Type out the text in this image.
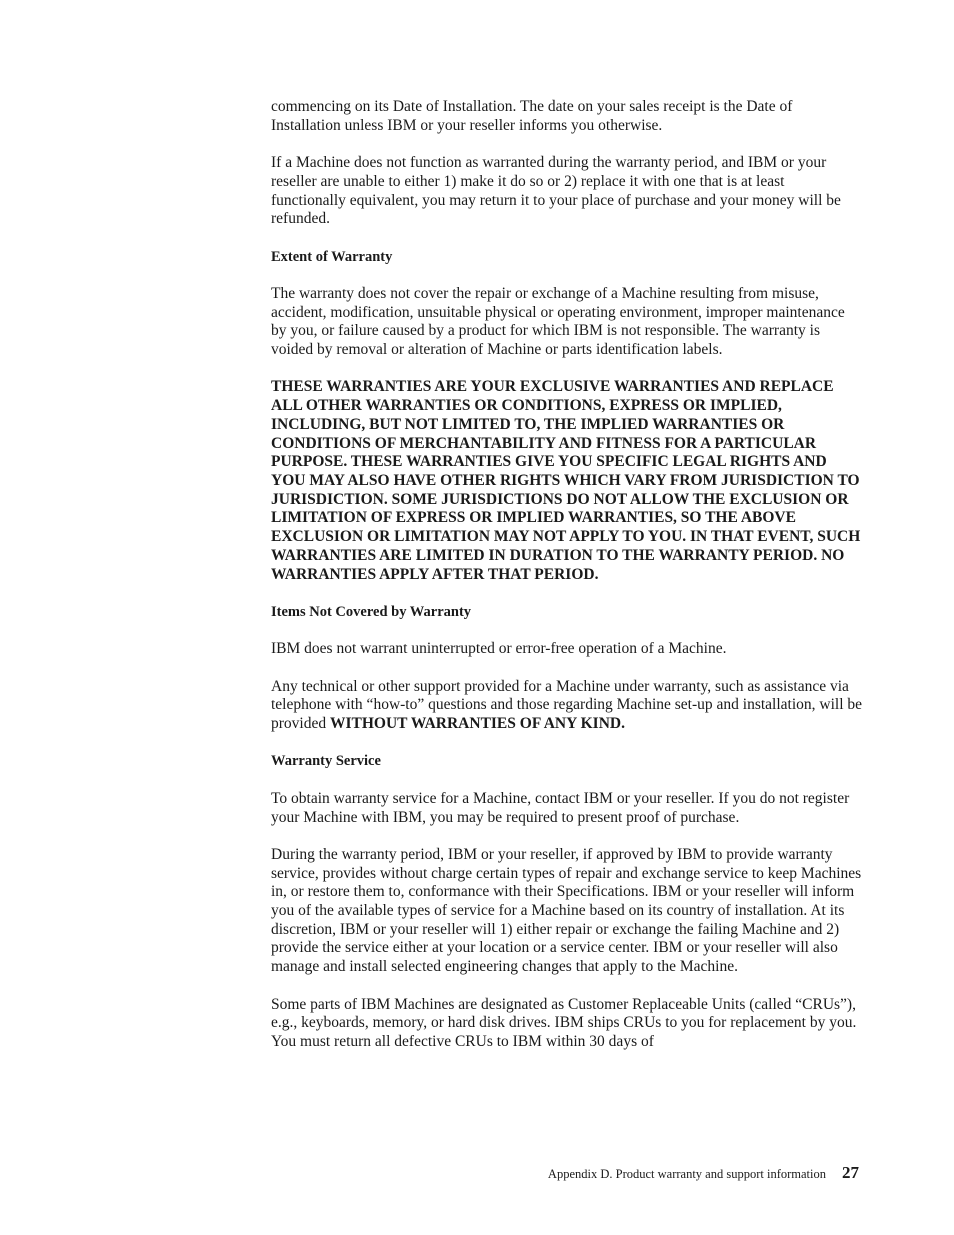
commencing on its Date of Installation. The date on your sales receipt is the Date of Installation unless IBM or your reseller informs you otherwise.

If a Machine does not function as warranted during the warranty period, and IBM or your reseller are unable to either 1) make it do so or 2) replace it with one that is at least functionally equivalent, you may return it to your place of purchase and your money will be refunded.

Extent of Warranty

The warranty does not cover the repair or exchange of a Machine resulting from misuse, accident, modification, unsuitable physical or operating environment, improper maintenance by you, or failure caused by a product for which IBM is not responsible. The warranty is voided by removal or alteration of Machine or parts identification labels.

THESE WARRANTIES ARE YOUR EXCLUSIVE WARRANTIES AND REPLACE ALL OTHER WARRANTIES OR CONDITIONS, EXPRESS OR IMPLIED, INCLUDING, BUT NOT LIMITED TO, THE IMPLIED WARRANTIES OR CONDITIONS OF MERCHANTABILITY AND FITNESS FOR A PARTICULAR PURPOSE. THESE WARRANTIES GIVE YOU SPECIFIC LEGAL RIGHTS AND YOU MAY ALSO HAVE OTHER RIGHTS WHICH VARY FROM JURISDICTION TO JURISDICTION. SOME JURISDICTIONS DO NOT ALLOW THE EXCLUSION OR LIMITATION OF EXPRESS OR IMPLIED WARRANTIES, SO THE ABOVE EXCLUSION OR LIMITATION MAY NOT APPLY TO YOU. IN THAT EVENT, SUCH WARRANTIES ARE LIMITED IN DURATION TO THE WARRANTY PERIOD. NO WARRANTIES APPLY AFTER THAT PERIOD.

Items Not Covered by Warranty

IBM does not warrant uninterrupted or error-free operation of a Machine.

Any technical or other support provided for a Machine under warranty, such as assistance via telephone with “how-to” questions and those regarding Machine set-up and installation, will be provided WITHOUT WARRANTIES OF ANY KIND.

Warranty Service

To obtain warranty service for a Machine, contact IBM or your reseller. If you do not register your Machine with IBM, you may be required to present proof of purchase.

During the warranty period, IBM or your reseller, if approved by IBM to provide warranty service, provides without charge certain types of repair and exchange service to keep Machines in, or restore them to, conformance with their Specifications. IBM or your reseller will inform you of the available types of service for a Machine based on its country of installation. At its discretion, IBM or your reseller will 1) either repair or exchange the failing Machine and 2) provide the service either at your location or a service center. IBM or your reseller will also manage and install selected engineering changes that apply to the Machine.

Some parts of IBM Machines are designated as Customer Replaceable Units (called “CRUs”), e.g., keyboards, memory, or hard disk drives. IBM ships CRUs to you for replacement by you. You must return all defective CRUs to IBM within 30 days of

Appendix D. Product warranty and support information 27
